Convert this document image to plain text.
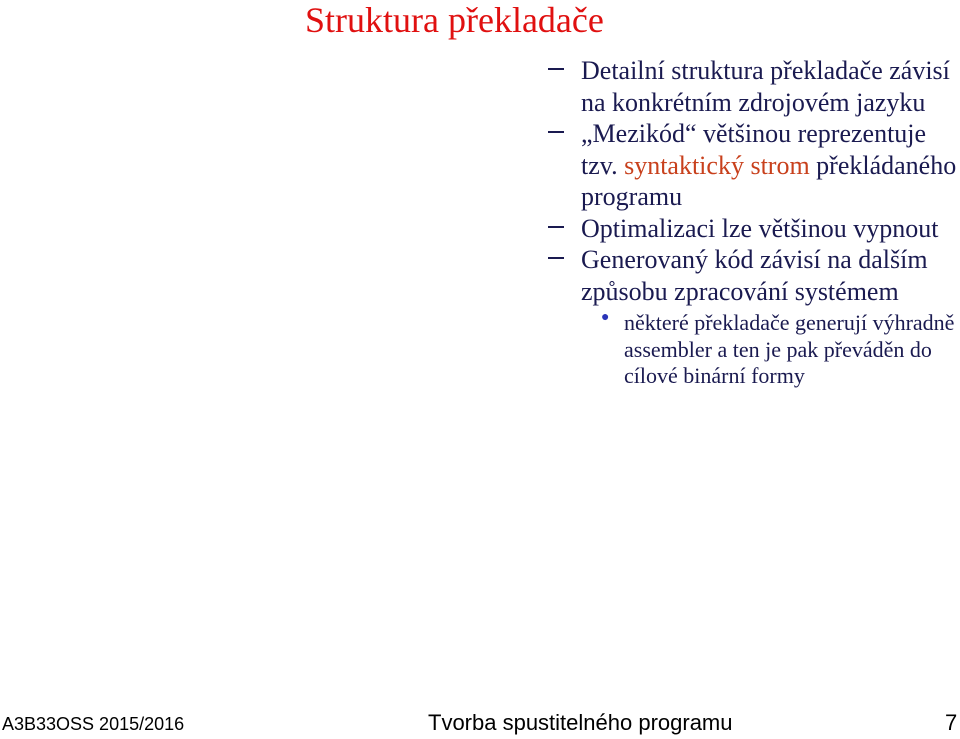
Struktura překladače
Detailní struktura překladače závisí na konkrétním zdrojovém jazyku
„Mezikód“ většinou reprezentuje tzv. syntaktický strom překládaného programu
Optimalizaci lze většinou vypnout
Generovaný kód závisí na dalším způsobu zpracování systémem
● některé překladače generují výhradně assembler a ten je pak převáděn do cílové binární formy
A3B33OSS 2015/2016	Tvorba spustitelného programu	7
